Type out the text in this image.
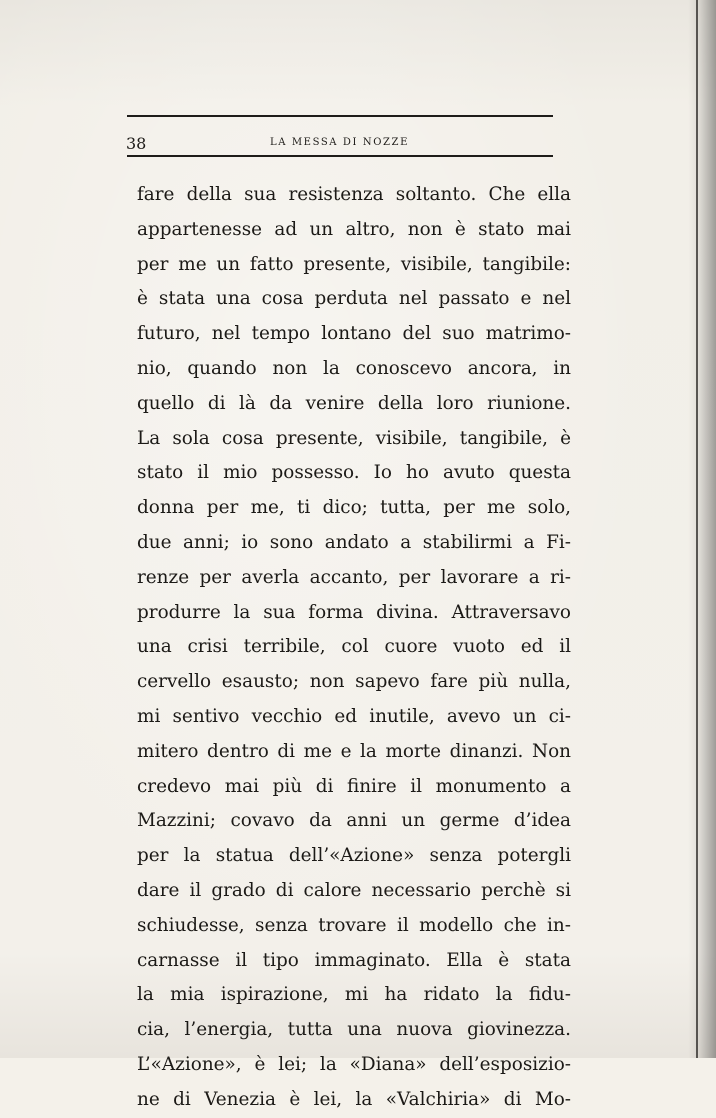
38	LA MESSA DI NOZZE
fare della sua resistenza soltanto. Che ella
appartenesse ad un altro, non è stato mai
per me un fatto presente, visibile, tangibile:
è stata una cosa perduta nel passato e nel
futuro, nel tempo lontano del suo matrimo-
nio, quando non la conoscevo ancora, in
quello di là da venire della loro riunione.
La sola cosa presente, visibile, tangibile, è
stato il mio possesso. Io ho avuto questa
donna per me, ti dico; tutta, per me solo,
due anni; io sono andato a stabilirmi a Fi-
renze per averla accanto, per lavorare a ri-
produrre la sua forma divina. Attraversavo
una crisi terribile, col cuore vuoto ed il
cervello esausto; non sapevo fare più nulla,
mi sentivo vecchio ed inutile, avevo un ci-
mitero dentro di me e la morte dinanzi. Non
credevo mai più di finire il monumento a
Mazzini; covavo da anni un germe d’idea
per la statua dell’«Azione» senza potergli
dare il grado di calore necessario perchè si
schiudesse, senza trovare il modello che in-
carnasse il tipo immaginato. Ella è stata
la mia ispirazione, mi ha ridato la fidu-
cia, l’energia, tutta una nuova giovinezza.
L’«Azione», è lei; la «Diana» dell’esposizio-
ne di Venezia è lei, la «Valchiria» di Mo-
